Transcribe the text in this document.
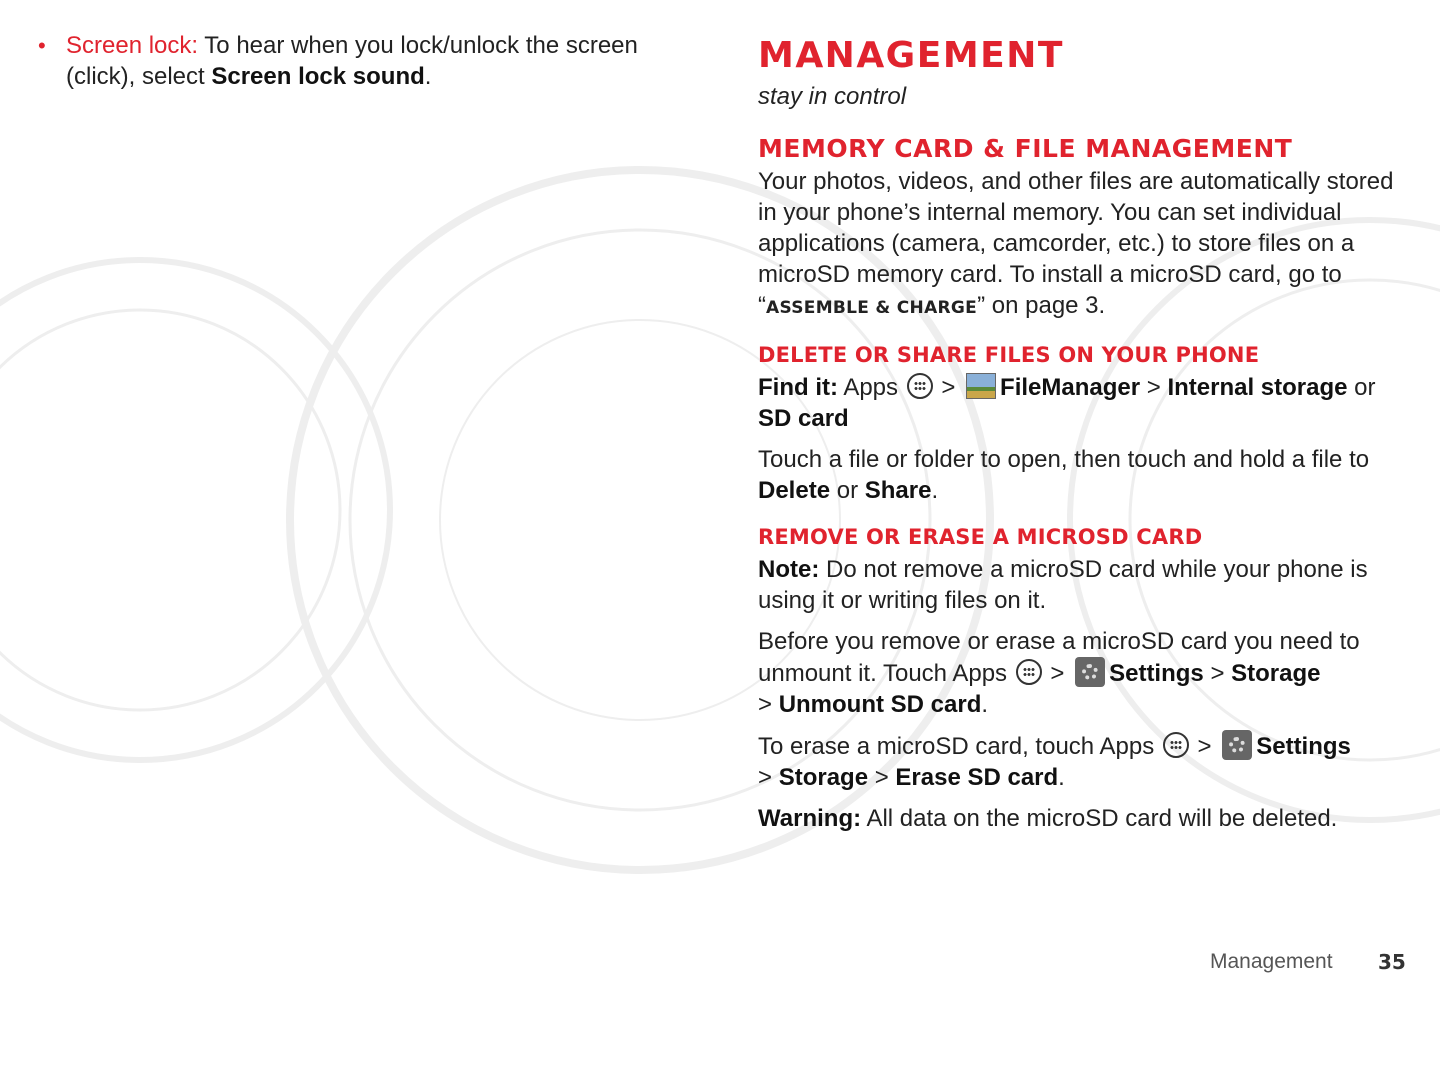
• Screen lock: To hear when you lock/unlock the screen (click), select Screen lock sound.
MANAGEMENT

stay in control

MEMORY CARD & FILE MANAGEMENT

Your photos, videos, and other files are automatically stored in your phone’s internal memory. You can set individual applications (camera, camcorder, etc.) to store files on a microSD memory card. To install a microSD card, go to “ASSEMBLE & CHARGE” on page 3.

DELETE OR SHARE FILES ON YOUR PHONE

Find it: Apps  > FileManager > Internal storage or SD card

Touch a file or folder to open, then touch and hold a file to Delete or Share.

REMOVE OR ERASE A MICROSD CARD

Note: Do not remove a microSD card while your phone is using it or writing files on it.

Before you remove or erase a microSD card you need to unmount it. Touch Apps  > Settings > Storage
> Unmount SD card.

To erase a microSD card, touch Apps  > Settings
> Storage > Erase SD card.

Warning: All data on the microSD card will be deleted.

Management 35
